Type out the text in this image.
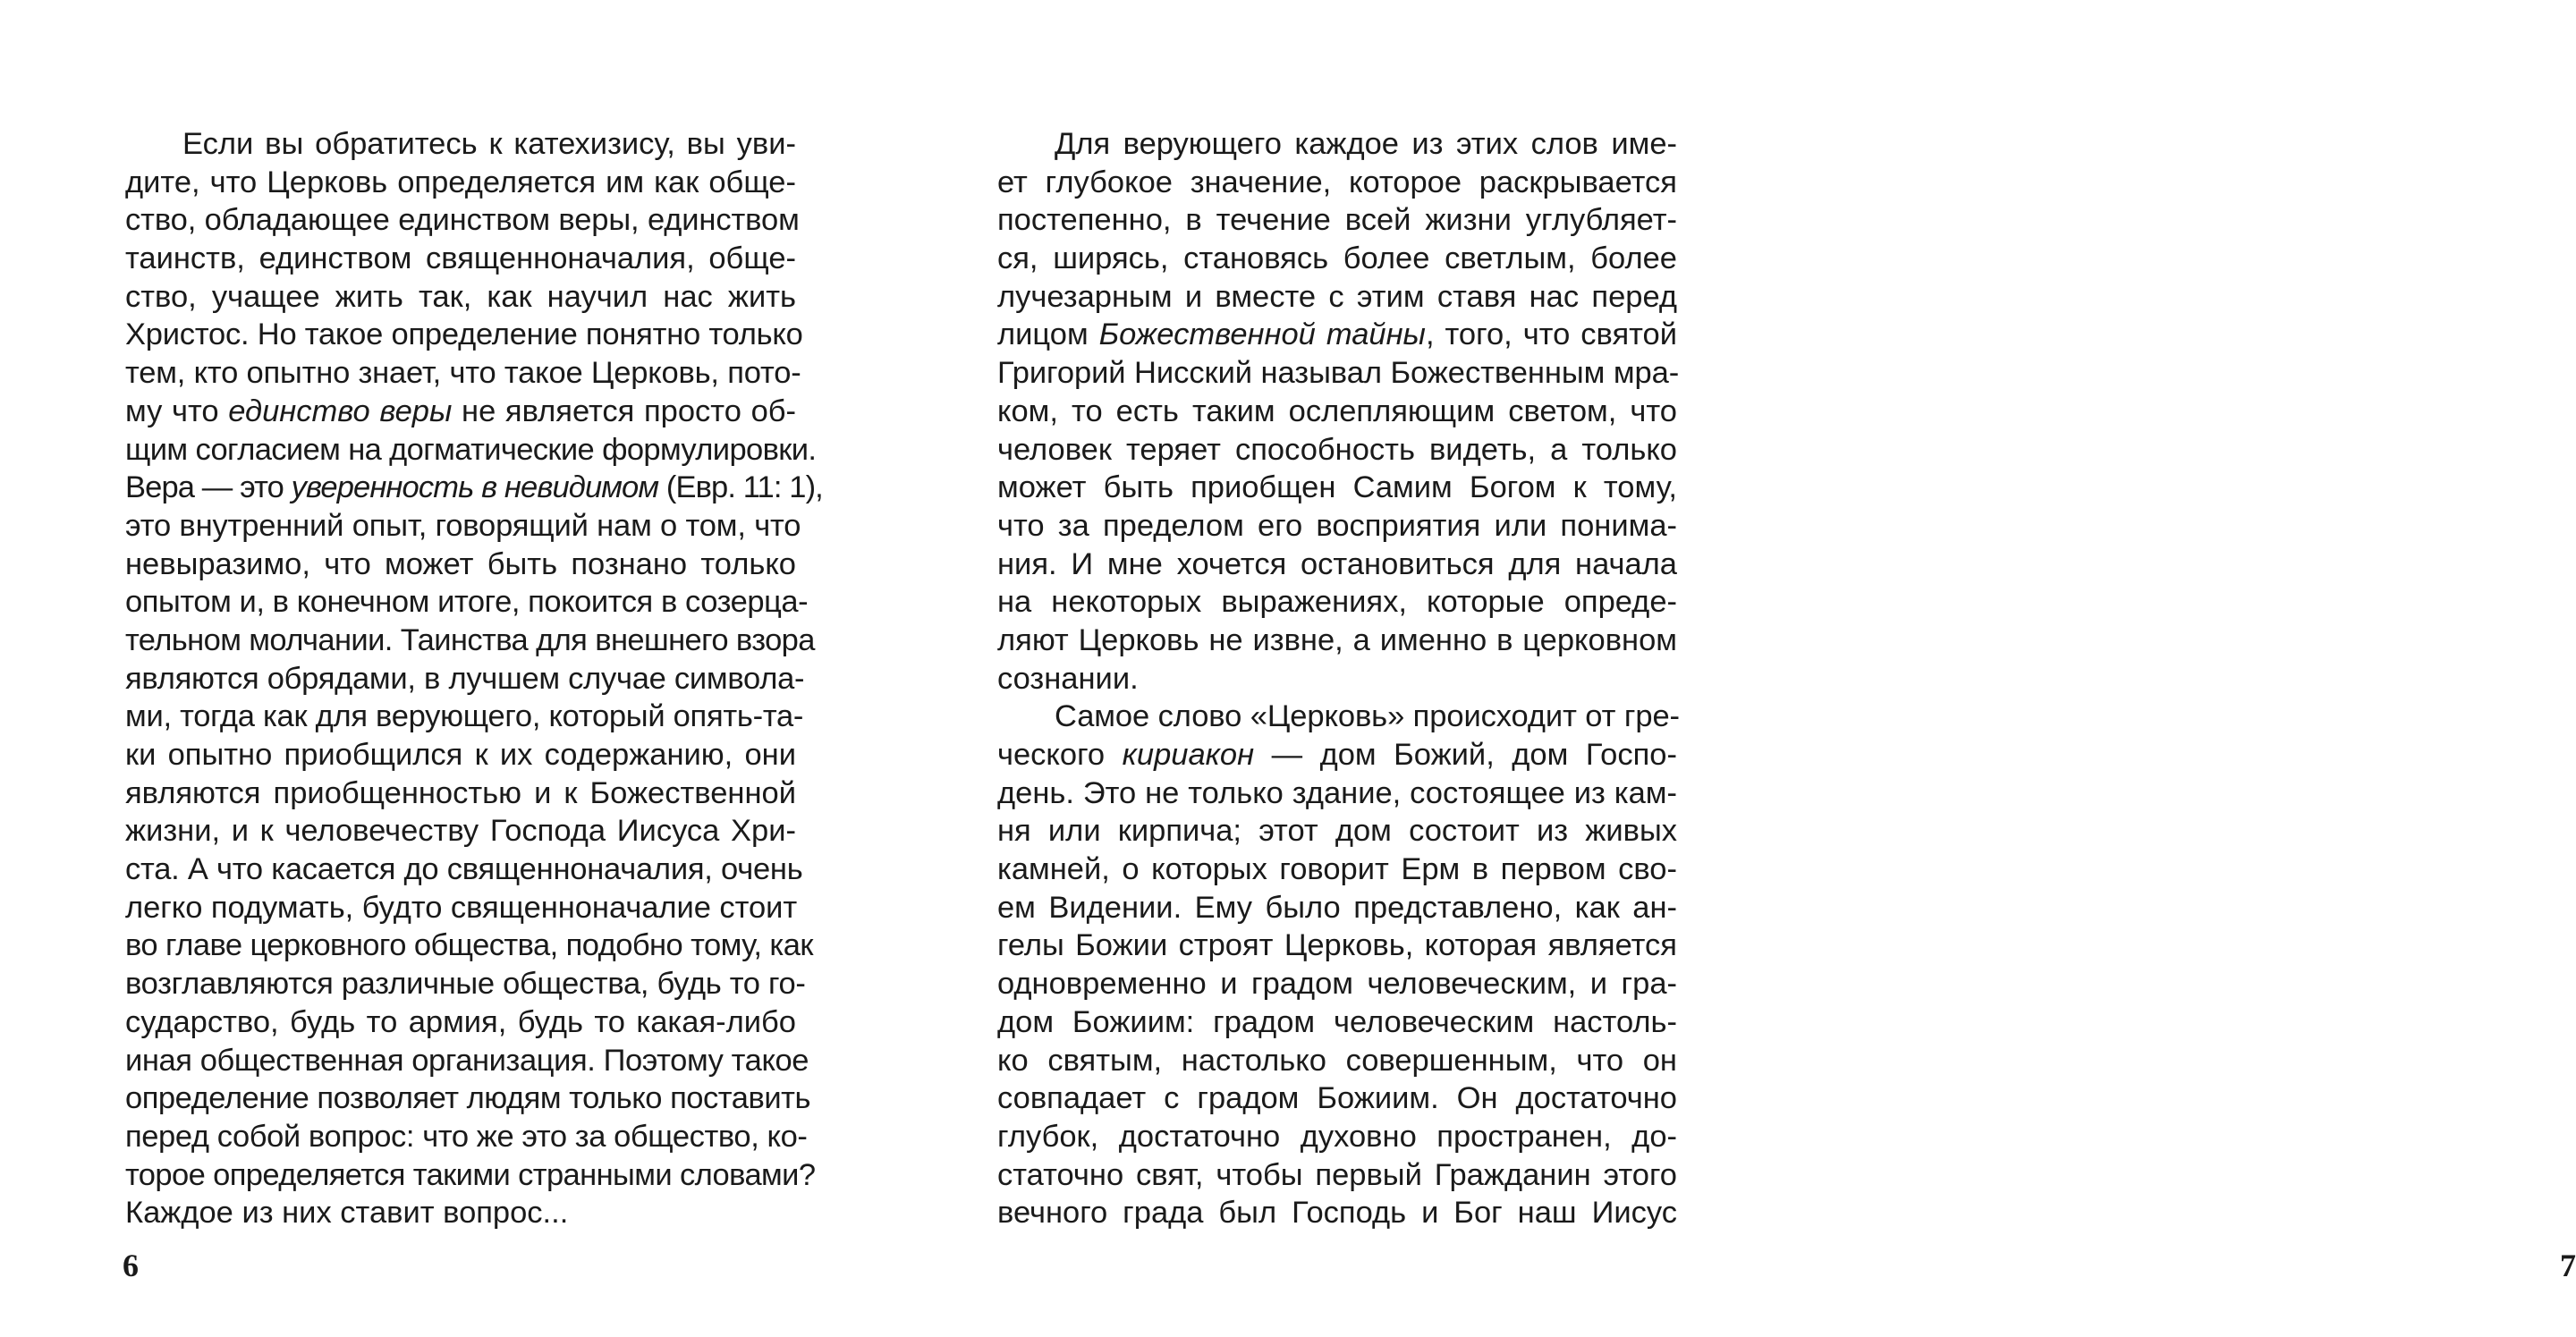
Если вы обратитесь к катехизису, вы уви-
дите, что Церковь определяется им как обще-
ство, обладающее единством веры, единством
таинств, единством священноначалия, обще-
ство, учащее жить так, как научил нас жить
Христос. Но такое определение понятно только
тем, кто опытно знает, что такое Церковь, пото-
му что единство веры не является просто об-
щим согласием на догматические формулировки.
Вера — это уверенность в невидимом (Евр. 11: 1),
это внутренний опыт, говорящий нам о том, что
невыразимо, что может быть познано только
опытом и, в конечном итоге, покоится в созерца-
тельном молчании. Таинства для внешнего взора
являются обрядами, в лучшем случае символа-
ми, тогда как для верующего, который опять-та-
ки опытно приобщился к их содержанию, они
являются приобщенностью и к Божественной
жизни, и к человечеству Господа Иисуса Хри-
ста. А что касается до священноначалия, очень
легко подумать, будто священноначалие стоит
во главе церковного общества, подобно тому, как
возглавляются различные общества, будь то го-
сударство, будь то армия, будь то какая-либо
иная общественная организация. Поэтому такое
определение позволяет людям только поставить
перед собой вопрос: что же это за общество, ко-
торое определяется такими странными словами?
Каждое из них ставит вопрос...
6	7
Для верующего каждое из этих слов име-
ет глубокое значение, которое раскрывается
постепенно, в течение всей жизни углубляет-
ся, ширясь, становясь более светлым, более
лучезарным и вместе с этим ставя нас перед
лицом Божественной тайны, того, что святой
Григорий Нисский называл Божественным мра-
ком, то есть таким ослепляющим светом, что
человек теряет способность видеть, а только
может быть приобщен Самим Богом к тому,
что за пределом его восприятия или понима-
ния. И мне хочется остановиться для начала
на некоторых выражениях, которые опреде-
ляют Церковь не извне, а именно в церковном
сознании.
Самое слово «Церковь» происходит от гре-
ческого кириакон — дом Божий, дом Госпо-
день. Это не только здание, состоящее из кам-
ня или кирпича; этот дом состоит из живых
камней, о которых говорит Ерм в первом сво-
ем Видении. Ему было представлено, как ан-
гелы Божии строят Церковь, которая является
одновременно и градом человеческим, и гра-
дом Божиим: градом человеческим настоль-
ко святым, настолько совершенным, что он
совпадает с градом Божиим. Он достаточно
глубок, достаточно духовно пространен, до-
статочно свят, чтобы первый Гражданин этого
вечного града был Господь и Бог наш Иисус
